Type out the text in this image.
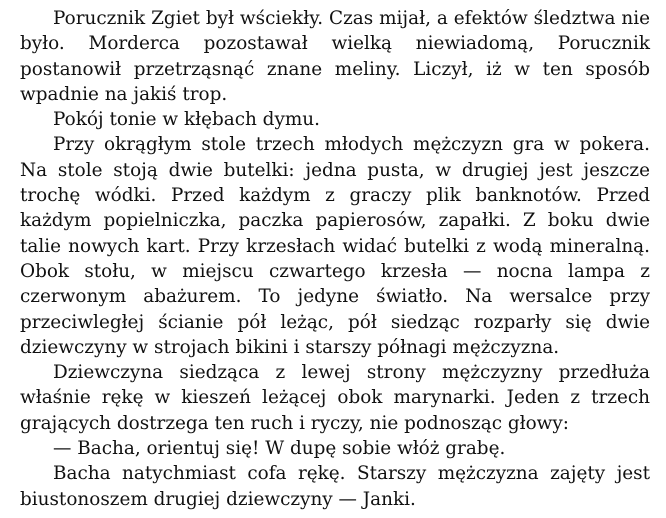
Porucznik Zgiet był wściekły. Czas mijał, a efektów śledztwa nie było. Morderca pozostawał wielką niewiadomą, Porucznik postanowił przetrząsnąć znane meliny. Liczył, iż w ten sposób wpadnie na jakiś trop.

Pokój tonie w kłębach dymu.

Przy okrągłym stole trzech młodych mężczyzn gra w pokera. Na stole stoją dwie butelki: jedna pusta, w drugiej jest jeszcze trochę wódki. Przed każdym z graczy plik banknotów. Przed każdym popielniczka, paczka papierosów, zapałki. Z boku dwie talie nowych kart. Przy krzesłach widać butelki z wodą mineralną. Obok stołu, w miejscu czwartego krzesła — nocna lampa z czerwonym abażurem. To jedyne światło. Na wersalce przy przeciwległej ścianie pół leżąc, pół siedząc rozparły się dwie dziewczyny w strojach bikini i starszy półnagi mężczyzna.

Dziewczyna siedząca z lewej strony mężczyzny przedłuża właśnie rękę w kieszeń leżącej obok marynarki. Jeden z trzech grających dostrzega ten ruch i ryczy, nie podnosząc głowy:

— Bacha, orientuj się! W dupę sobie włóż grabę.

Bacha natychmiast cofa rękę. Starszy mężczyzna zajęty jest biustonoszem drugiej dziewczyny — Janki.
